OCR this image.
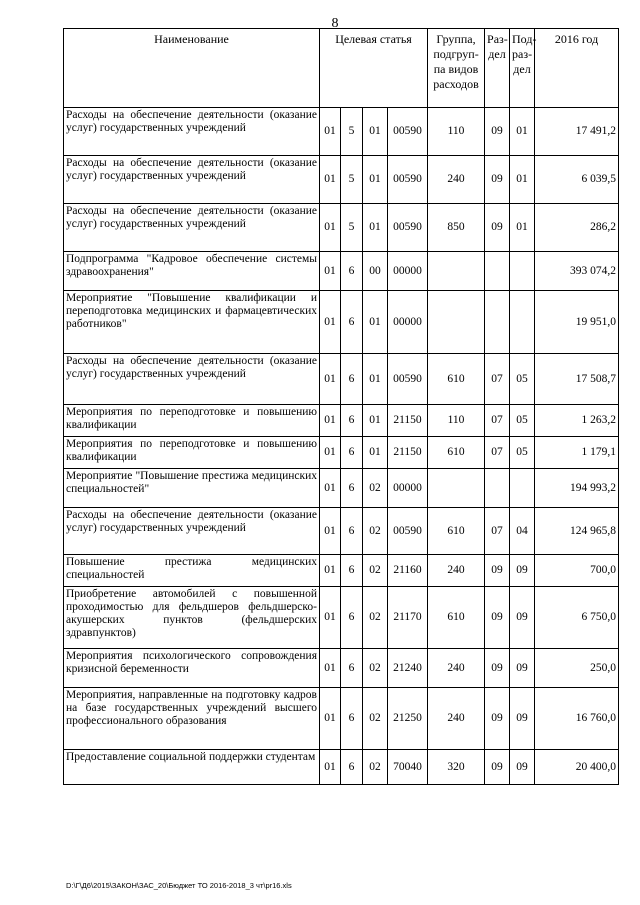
8
Наименование	Целевая статья				Группа, подгруп-па видов расходов	Раз-дел	Под-раз-дел	2016 год
Расходы на обеспечение деятельности (оказание услуг) государственных учреждений	01	5	01	00590	110	09	01	17 491,2
Расходы на обеспечение деятельности (оказание услуг) государственных учреждений	01	5	01	00590	240	09	01	6 039,5
Расходы на обеспечение деятельности (оказание услуг) государственных учреждений	01	5	01	00590	850	09	01	286,2
Подпрограмма "Кадровое обеспечение системы здравоохранения"	01	6	00	00000				393 074,2
Мероприятие "Повышение квалификации и переподготовка медицинских и фармацевтических работников"	01	6	01	00000				19 951,0
Расходы на обеспечение деятельности (оказание услуг) государственных учреждений	01	6	01	00590	610	07	05	17 508,7
Мероприятия по переподготовке и повышению квалификации	01	6	01	21150	110	07	05	1 263,2
Мероприятия по переподготовке и повышению квалификации	01	6	01	21150	610	07	05	1 179,1
Мероприятие "Повышение престижа медицинских специальностей"	01	6	02	00000				194 993,2
Расходы на обеспечение деятельности (оказание услуг) государственных учреждений	01	6	02	00590	610	07	04	124 965,8
Повышение престижа медицинских специальностей	01	6	02	21160	240	09	09	700,0
Приобретение автомобилей с повышенной проходимостью для фельдшеров фельдшерско-акушерских пунктов (фельдшерских здравпунктов)	01	6	02	21170	610	09	09	6 750,0
Мероприятия психологического сопровождения кризисной беременности	01	6	02	21240	240	09	09	250,0
Мероприятия, направленные на подготовку кадров на базе государственных учреждений высшего профессионального образования	01	6	02	21250	240	09	09	16 760,0
Предоставление социальной поддержки студентам	01	6	02	70040	320	09	09	20 400,0
D:\Г\Д6\2015\ЗАКОН\ЗАС_20\Бюджет ТО 2016-2018_3 чт\pr16.xls
